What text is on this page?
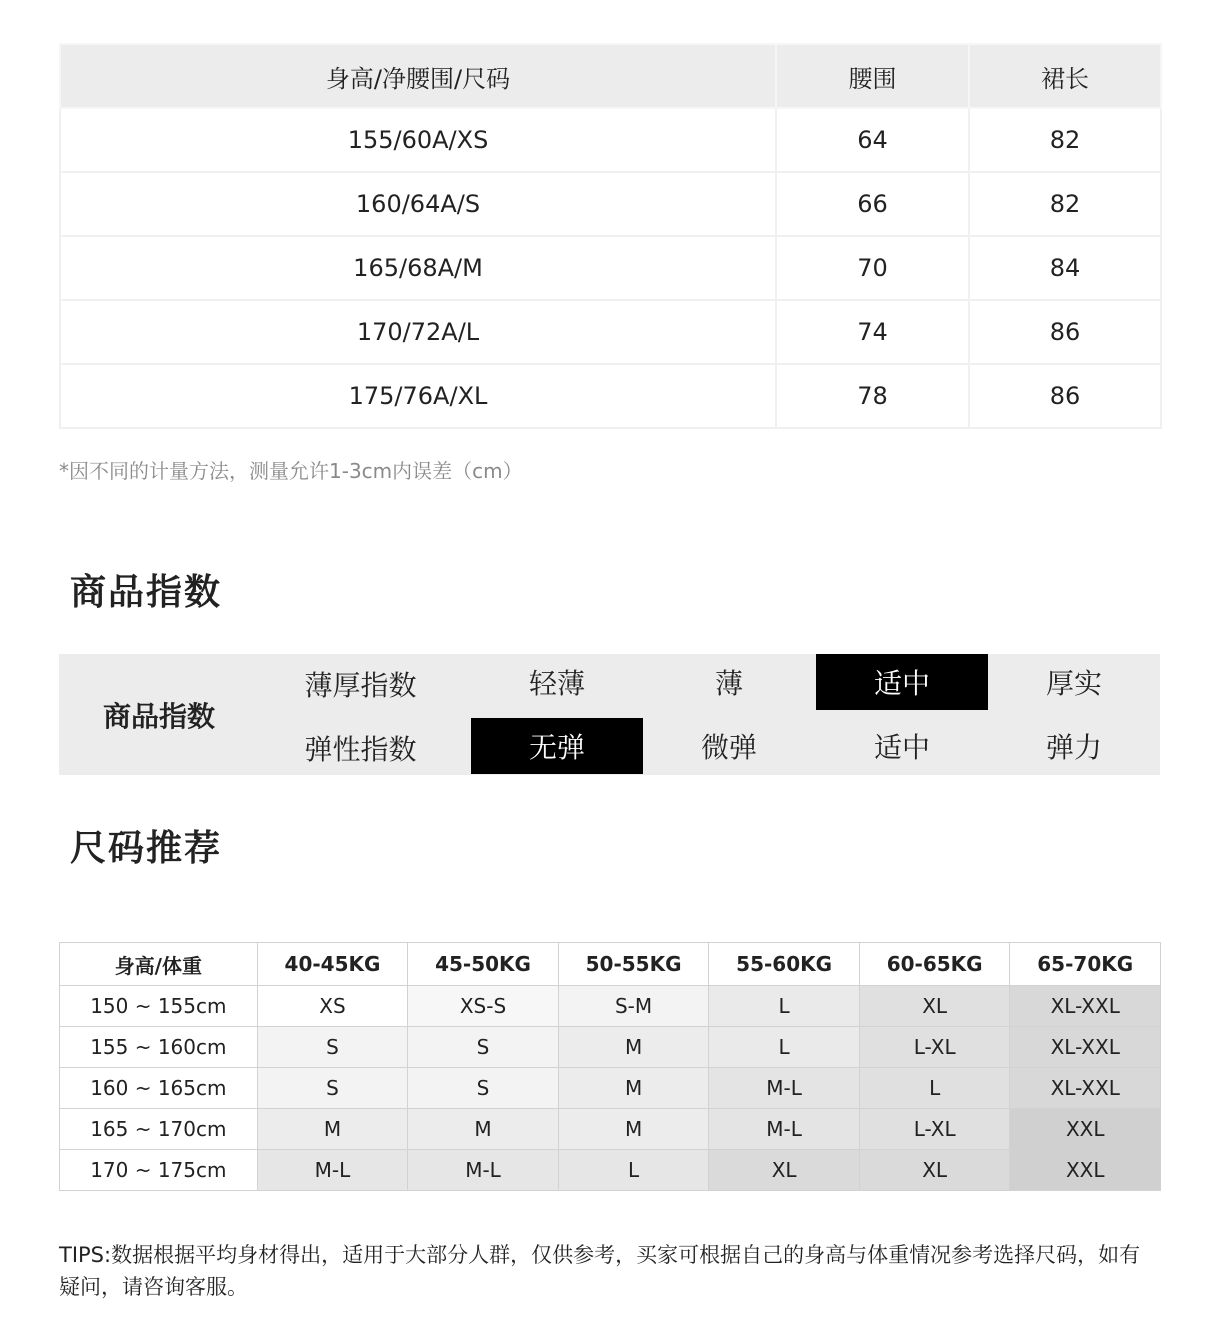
身高/净腰围/尺码	腰围	裙长
155/60A/XS	64	82
160/64A/S	66	82
165/68A/M	70	84
170/72A/L	74	86
175/76A/XL	78	86
*因不同的计量方法，测量允许1-3cm内误差（cm）
商品指数
商品指数
薄厚指数	轻薄	薄	适中	厚实
弹性指数	无弹	微弹	适中	弹力
尺码推荐
身高/体重	40-45KG	45-50KG	50-55KG	55-60KG	60-65KG	65-70KG
150 ~ 155cm	XS	XS-S	S-M	L	XL	XL-XXL
155 ~ 160cm	S	S	M	L	L-XL	XL-XXL
160 ~ 165cm	S	S	M	M-L	L	XL-XXL
165 ~ 170cm	M	M	M	M-L	L-XL	XXL
170 ~ 175cm	M-L	M-L	L	XL	XL	XXL
TIPS:数据根据平均身材得出，适用于大部分人群，仅供参考，买家可根据自己的身高与体重情况参考选择尺码，如有疑问，请咨询客服。
